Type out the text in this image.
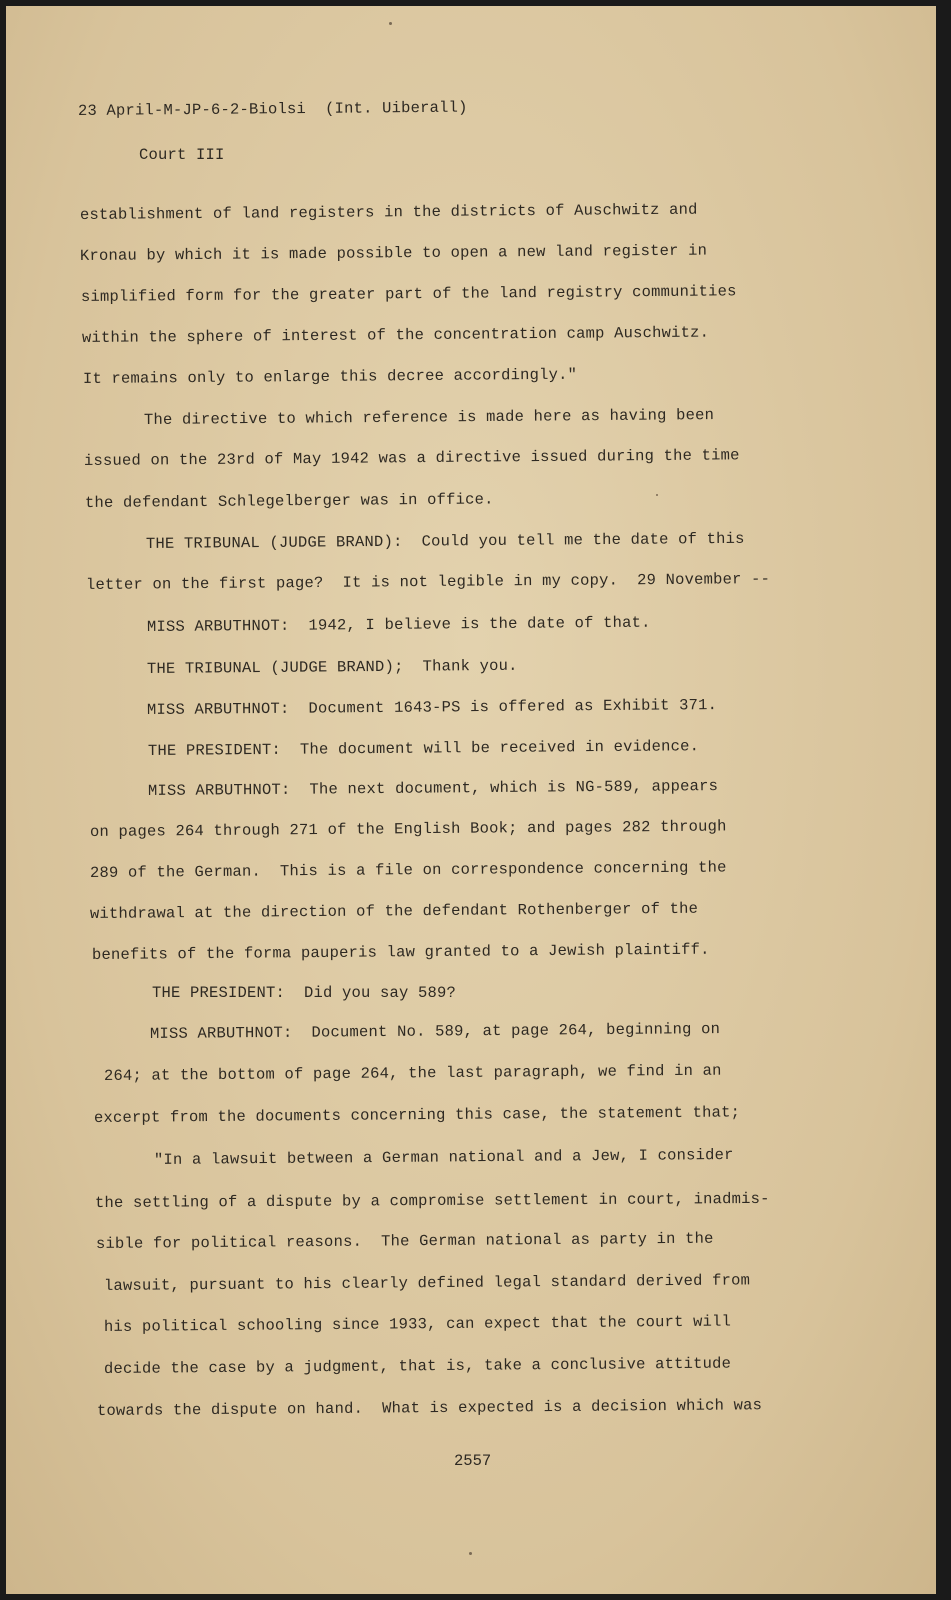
23 April-M-JP-6-2-Biolsi  (Int. Uiberall)
Court III
establishment of land registers in the districts of Auschwitz and
Kronau by which it is made possible to open a new land register in
simplified form for the greater part of the land registry communities
within the sphere of interest of the concentration camp Auschwitz.
It remains only to enlarge this decree accordingly."
The directive to which reference is made here as having been
issued on the 23rd of May 1942 was a directive issued during the time
the defendant Schlegelberger was in office.
THE TRIBUNAL (JUDGE BRAND):  Could you tell me the date of this
letter on the first page?  It is not legible in my copy.  29 November --
MISS ARBUTHNOT:  1942, I believe is the date of that.
THE TRIBUNAL (JUDGE BRAND);  Thank you.
MISS ARBUTHNOT:  Document 1643-PS is offered as Exhibit 371.
THE PRESIDENT:  The document will be received in evidence.
MISS ARBUTHNOT:  The next document, which is NG-589, appears
on pages 264 through 271 of the English Book; and pages 282 through
289 of the German.  This is a file on correspondence concerning the
withdrawal at the direction of the defendant Rothenberger of the
benefits of the forma pauperis law granted to a Jewish plaintiff.
THE PRESIDENT:  Did you say 589?
MISS ARBUTHNOT:  Document No. 589, at page 264, beginning on
264; at the bottom of page 264, the last paragraph, we find in an
excerpt from the documents concerning this case, the statement that;
"In a lawsuit between a German national and a Jew, I consider
the settling of a dispute by a compromise settlement in court, inadmis-
sible for political reasons.  The German national as party in the
lawsuit, pursuant to his clearly defined legal standard derived from
his political schooling since 1933, can expect that the court will
decide the case by a judgment, that is, take a conclusive attitude
towards the dispute on hand.  What is expected is a decision which was
2557
